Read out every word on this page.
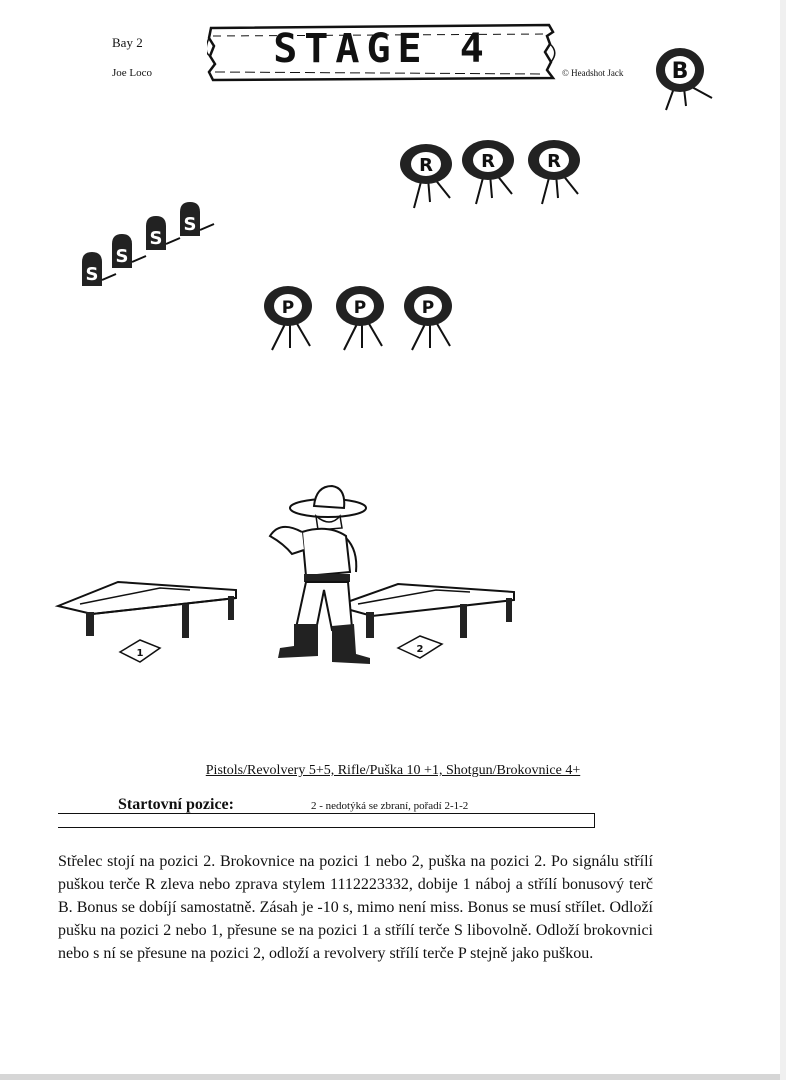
Bay 2
Joe Loco
STAGE 4
© Headshot Jack B
R	R	R
S
S
S
S
P	P	P
1	2
Pistols/Revolvery 5+5, Rifle/Puška 10 +1, Shotgun/Brokovnice 4+
Startovní pozice:	2 - nedotýká se zbraní, pořadí 2-1-2
Střelec stojí na pozici 2. Brokovnice na pozici 1 nebo 2, puška na pozici 2. Po signálu střílí puškou terče R zleva nebo zprava stylem 1112223332, dobije 1 náboj a střílí bonusový terč B. Bonus se dobíjí samostatně. Zásah je -10 s, mimo není miss. Bonus se musí střílet. Odloží pušku na pozici 2 nebo 1, přesune se na pozici 1 a střílí terče S libovolně. Odloží brokovnici nebo s ní se přesune na pozici 2, odloží a revolvery střílí terče P stejně jako puškou.
